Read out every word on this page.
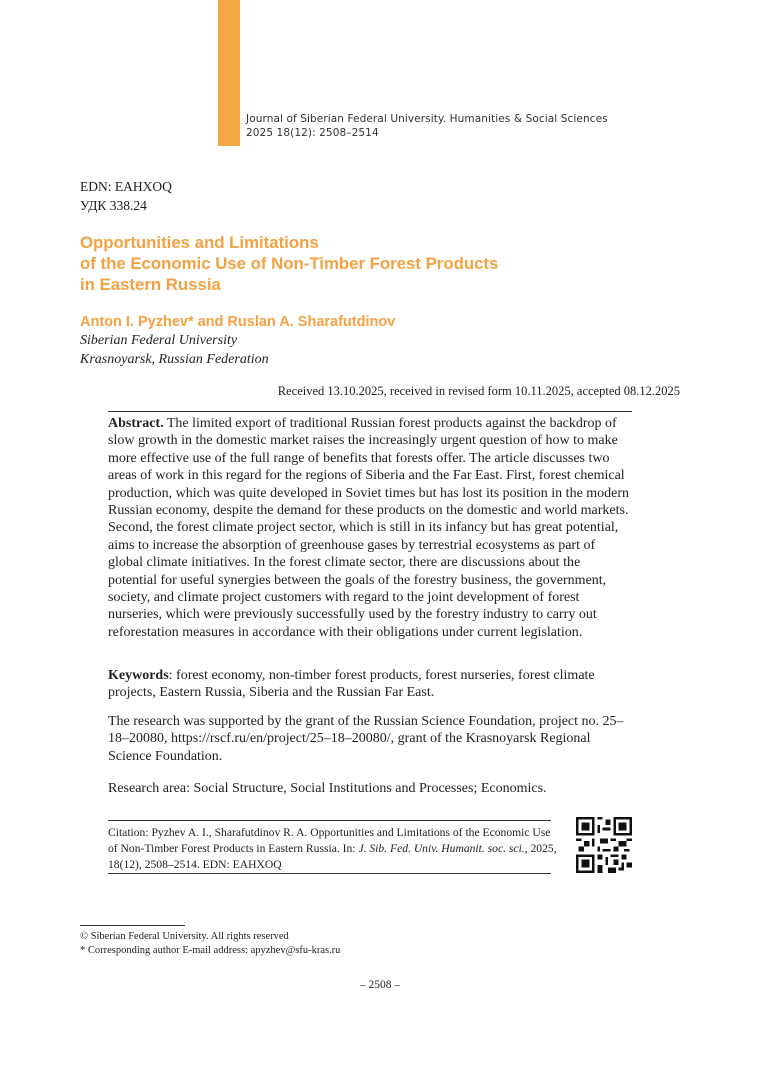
Journal of Siberian Federal University. Humanities & Social Sciences
2025 18(12): 2508–2514
EDN: EAHXOQ
УДК 338.24
Opportunities and Limitations
of the Economic Use of Non-Timber Forest Products
in Eastern Russia
Anton I. Pyzhev* and Ruslan A. Sharafutdinov
Siberian Federal University
Krasnoyarsk, Russian Federation
Received 13.10.2025, received in revised form 10.11.2025, accepted 08.12.2025
Abstract. The limited export of traditional Russian forest products against the backdrop of slow growth in the domestic market raises the increasingly urgent question of how to make more effective use of the full range of benefits that forests offer. The article discusses two areas of work in this regard for the regions of Siberia and the Far East. First, forest chemical production, which was quite developed in Soviet times but has lost its position in the modern Russian economy, despite the demand for these products on the domestic and world markets. Second, the forest climate project sector, which is still in its infancy but has great potential, aims to increase the absorption of greenhouse gases by terrestrial ecosystems as part of global climate initiatives. In the forest climate sector, there are discussions about the potential for useful synergies between the goals of the forestry business, the government, society, and climate project customers with regard to the joint development of forest nurseries, which were previously successfully used by the forestry industry to carry out reforestation measures in accordance with their obligations under current legislation.
Keywords: forest economy, non-timber forest products, forest nurseries, forest climate projects, Eastern Russia, Siberia and the Russian Far East.
The research was supported by the grant of the Russian Science Foundation, project no. 25–18–20080, https://rscf.ru/en/project/25–18–20080/, grant of the Krasnoyarsk Regional Science Foundation.
Research area: Social Structure, Social Institutions and Processes; Economics.
Citation: Pyzhev A. I., Sharafutdinov R. A. Opportunities and Limitations of the Economic Use of Non-Timber Forest Products in Eastern Russia. In: J. Sib. Fed. Univ. Humanit. soc. sci., 2025, 18(12), 2508–2514. EDN: EAHXOQ
© Siberian Federal University. All rights reserved
* Corresponding author E-mail address: apyzhev@sfu-kras.ru
– 2508 –
